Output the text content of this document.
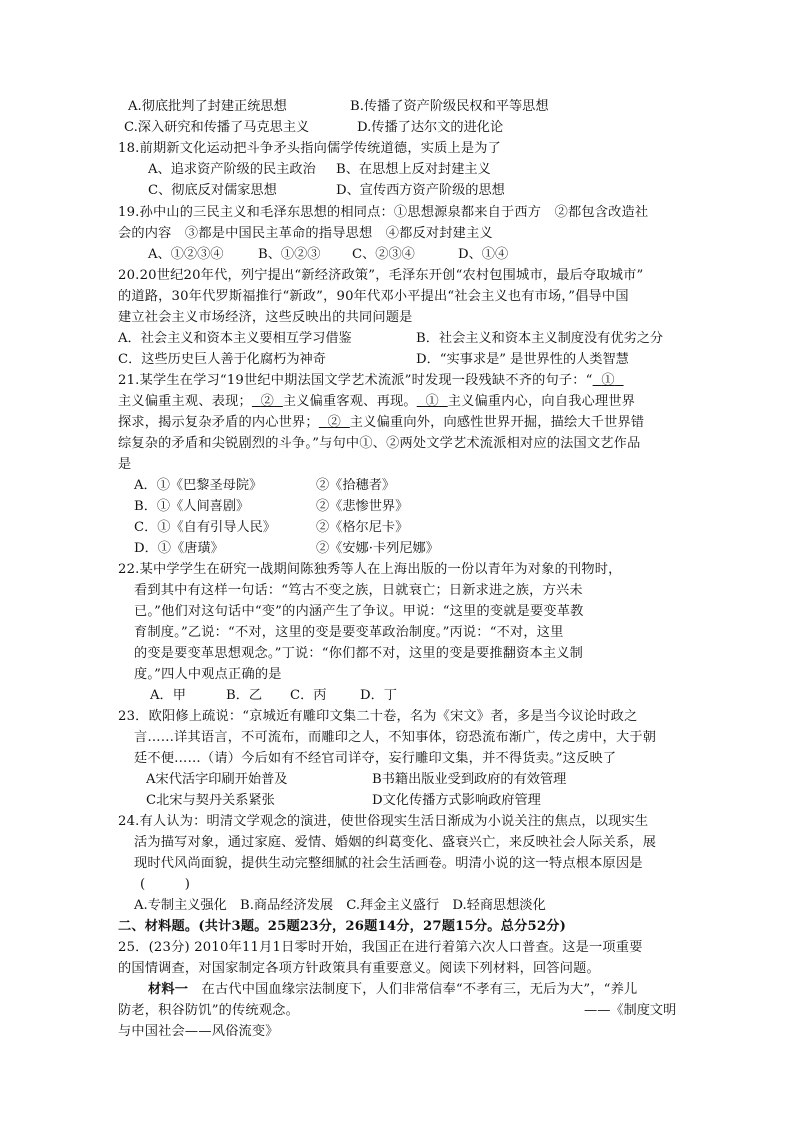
A.彻底批判了封建正统思想	B.传播了资产阶级民权和平等思想
C.深入研究和传播了马克思主义	D.传播了达尔文的进化论
18.前期新文化运动把斗争矛头指向儒学传统道德，实质上是为了
A、追求资产阶级的民主政治 B、在思想上反对封建主义
C、彻底反对儒家思想	D、宣传西方资产阶级的思想
19.孙中山的三民主义和毛泽东思想的相同点：①思想源泉都来自于西方　②都包含改造社
会的内容　③都是中国民主革命的指导思想　④都反对封建主义
A、①②③④	B、①②③ C、②③④	D、①④
20.20世纪20年代，列宁提出“新经济政策”，毛泽东开创“农村包围城市，最后夺取城市”
的道路，30年代罗斯福推行“新政”，90年代邓小平提出“社会主义也有市场，”倡导中国
建立社会主义市场经济，这些反映出的共同问题是
A．社会主义和资本主义要相互学习借鉴	B．社会主义和资本主义制度没有优劣之分
C．这些历史巨人善于化腐朽为神奇	D．“实事求是” 是世界性的人类智慧
21.某学生在学习“19世纪中期法国文学艺术流派”时发现一段残缺不齐的句子：“ ①
主义偏重主观、表现； ② 主义偏重客观、再现。 ① 主义偏重内心，向自我心理世界
探求，揭示复杂矛盾的内心世界； ② 主义偏重向外，向感性世界开掘，描绘大千世界错
综复杂的矛盾和尖锐剧烈的斗争。”与句中①、②两处文学艺术流派相对应的法国文艺作品
是
A．①《巴黎圣母院》	②《拾穗者》
B．①《人间喜剧》	②《悲惨世界》
C．①《自有引导人民》	②《格尔尼卡》
D．①《唐璜》	②《安娜·卡列尼娜》
22.某中学学生在研究一战期间陈独秀等人在上海出版的一份以青年为对象的刊物时，
看到其中有这样一句话：“笃古不变之族，日就衰亡；日新求进之族，方兴未
已。”他们对这句话中“变”的内涵产生了争议。甲说：“这里的变就是要变革教
育制度。”乙说：“不对，这里的变是要变革政治制度。”丙说：“不对，这里
的变是要变革思想观念。”丁说：“你们都不对，这里的变是要推翻资本主义制
度。”四人中观点正确的是
A．甲	B．乙 C．丙	D．丁
23．欧阳修上疏说：“京城近有雕印文集二十卷，名为《宋文》者，多是当今议论时政之
言……详其语言，不可流布，而雕印之人，不知事体，窃恐流布渐广，传之虏中，大于朝
廷不便……（请）今后如有不经官司详夺，妄行雕印文集，并不得货卖。”这反映了
A宋代活字印刷开始普及	B书籍出版业受到政府的有效管理
C北宋与契丹关系紧张	D文化传播方式影响政府管理
24.有人认为：明清文学观念的演进，使世俗现实生活日渐成为小说关注的焦点，以现实生
活为描写对象，通过家庭、爱情、婚姻的纠葛变化、盛衰兴亡，来反映社会人际关系，展
现时代风尚面貌，提供生动完整细腻的社会生活画卷。明清小说的这一特点根本原因是
(　　　)
A.专制主义强化　B.商品经济发展　C.拜金主义盛行　D.轻商思想淡化
二、材料题。(共计3题。25题23分，26题14分，27题15分。总分52分)
25．(23分) 2010年11月1日零时开始，我国正在进行着第六次人口普查。这是一项重要
的国情调查，对国家制定各项方针政策具有重要意义。阅读下列材料，回答问题。
材料一　在古代中国血缘宗法制度下，人们非常信奉“不孝有三，无后为大”，“养儿
防老，积谷防饥”的传统观念。	——《制度文明
与中国社会——风俗流变》
